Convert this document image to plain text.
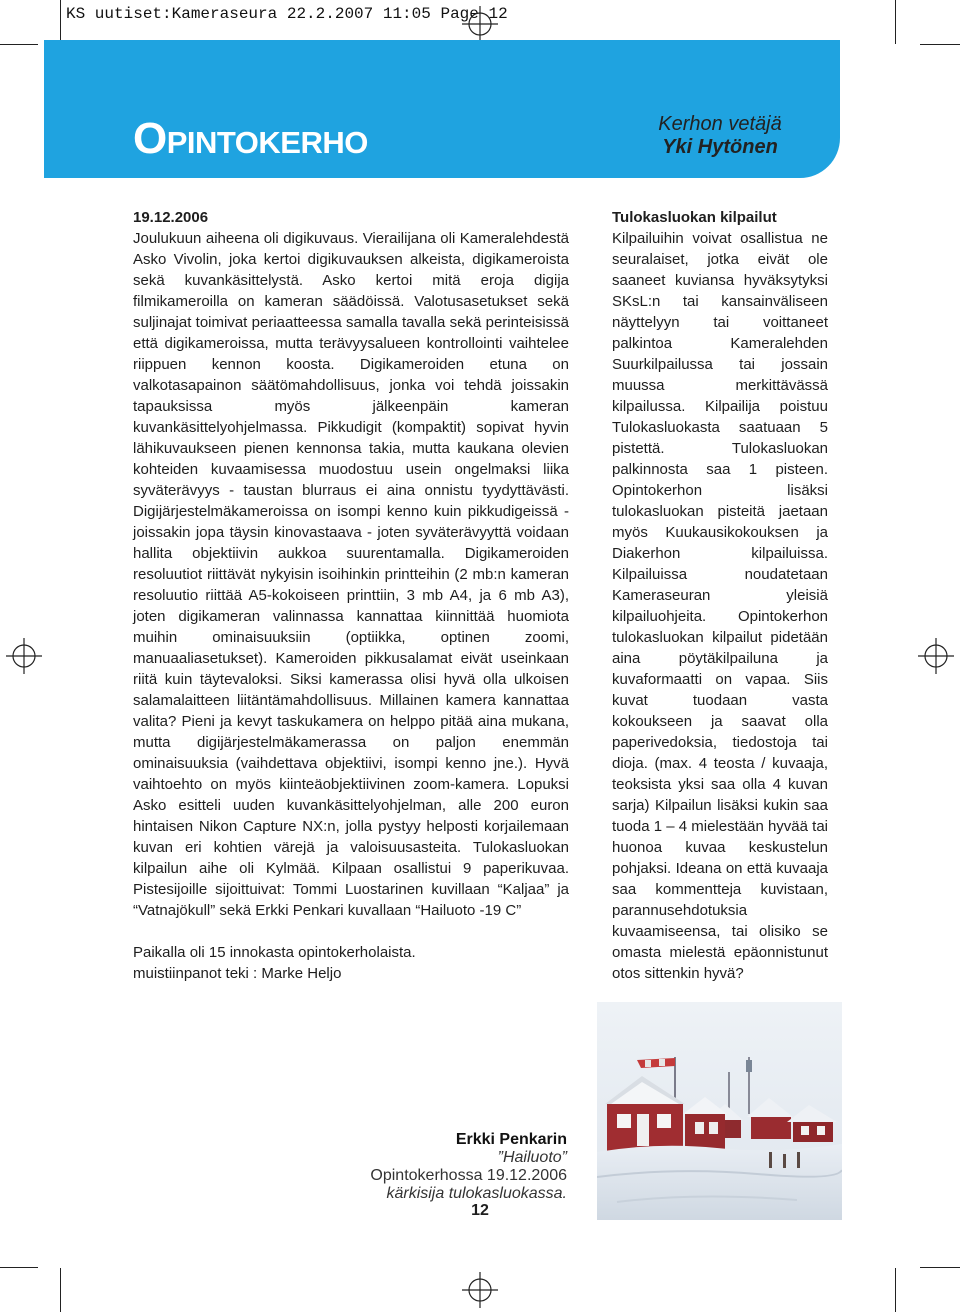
KS uutiset:Kameraseura 22.2.2007 11:05 Page 12
OPINTOKERHO
Kerhon vetäjä
Yki Hytönen

19.12.2006

Joulukuun aiheena oli digikuvaus. Vierailijana oli Kameralehdestä Asko Vivolin, joka kertoi digikuvauksen alkeista, digikameroista sekä kuvankäsittelystä. Asko kertoi mitä eroja digija filmikameroilla on kameran säädöissä. Valotusasetukset sekä suljinajat toimivat periaatteessa samalla tavalla sekä perinteisissä että digikameroissa, mutta terävyysalueen kontrollointi vaihtelee riippuen kennon koosta. Digikameroiden etuna on valkotasapainon säätömahdollisuus, jonka voi tehdä joissakin tapauksissa myös jälkeenpäin kameran kuvankäsittelyohjelmassa. Pikkudigit (kompaktit) sopivat hyvin lähikuvaukseen pienen kennonsa takia, mutta kaukana olevien kohteiden kuvaamisessa muodostuu usein ongelmaksi liika syväterävyys - taustan blurraus ei aina onnistu tyydyttävästi. Digijärjestelmäkameroissa on isompi kenno kuin pikkudigeissä - joissakin jopa täysin kinovastaava - joten syväterävyyttä voidaan hallita objektiivin aukkoa suurentamalla. Digikameroiden resoluutiot riittävät nykyisin isoihinkin printteihin (2 mb:n kameran resoluutio riittää A5-kokoiseen printtiin, 3 mb A4, ja 6 mb A3), joten digikameran valinnassa kannattaa kiinnittää huomiota muihin ominaisuuksiin (optiikka, optinen zoomi, manuaaliasetukset). Kameroiden pikkusalamat eivät useinkaan riitä kuin täytevaloksi. Siksi kamerassa olisi hyvä olla ulkoisen salamalaitteen liitäntämahdollisuus. Millainen kamera kannattaa valita? Pieni ja kevyt taskukamera on helppo pitää aina mukana, mutta digijärjestelmäkamerassa on paljon enemmän ominaisuuksia (vaihdettava objektiivi, isompi kenno jne.). Hyvä vaihtoehto on myös kiinteäobjektiivinen zoom-kamera. Lopuksi Asko esitteli uuden kuvankäsittelyohjelman, alle 200 euron hintaisen Nikon Capture NX:n, jolla pystyy helposti korjailemaan kuvan eri kohtien värejä ja valoisuusasteita. Tulokasluokan kilpailun aihe oli Kylmää. Kilpaan osallistui 9 paperikuvaa. Pistesijoille sijoittuivat: Tommi Luostarinen kuvillaan “Kaljaa” ja “Vatnajökull” sekä Erkki Penkari kuvallaan “Hailuoto -19 C”

Paikalla oli 15 innokasta opintokerholaista.

muistiinpanot teki : Marke Heljo

Tulokasluokan kilpailut

Kilpailuihin voivat osallistua ne seuralaiset, jotka eivät ole saaneet kuviansa hyväksytyksi SKsL:n tai kansainväliseen näyttelyyn tai voittaneet palkintoa Kameralehden Suurkilpailussa tai jossain muussa merkittävässä kilpailussa. Kilpailija poistuu Tulokasluokasta saatuaan 5 pistettä. Tulokasluokan palkinnosta saa 1 pisteen. Opintokerhon lisäksi tulokasluokan pisteitä jaetaan myös Kuukausikokouksen ja Diakerhon kilpailuissa. Kilpailuissa noudatetaan Kameraseuran yleisiä kilpailuohjeita. Opintokerhon tulokasluokan kilpailut pidetään aina pöytäkilpailuna ja kuvaformaatti on vapaa. Siis kuvat tuodaan vasta kokoukseen ja saavat olla paperivedoksia, tiedostoja tai dioja. (max. 4 teosta / kuvaaja, teoksista yksi saa olla 4 kuvan sarja) Kilpailun lisäksi kukin saa tuoda 1 – 4 mielestään hyvää tai huonoa kuvaa keskustelun pohjaksi. Ideana on että kuvaaja saa kommentteja kuvistaan, parannusehdotuksia kuvaamiseensa, tai olisiko se omasta mielestä epäonnistunut otos sittenkin hyvä?

Erkki Penkarin
”Hailuoto”
Opintokerhossa 19.12.2006
kärkisija tulokasluokassa.
12
